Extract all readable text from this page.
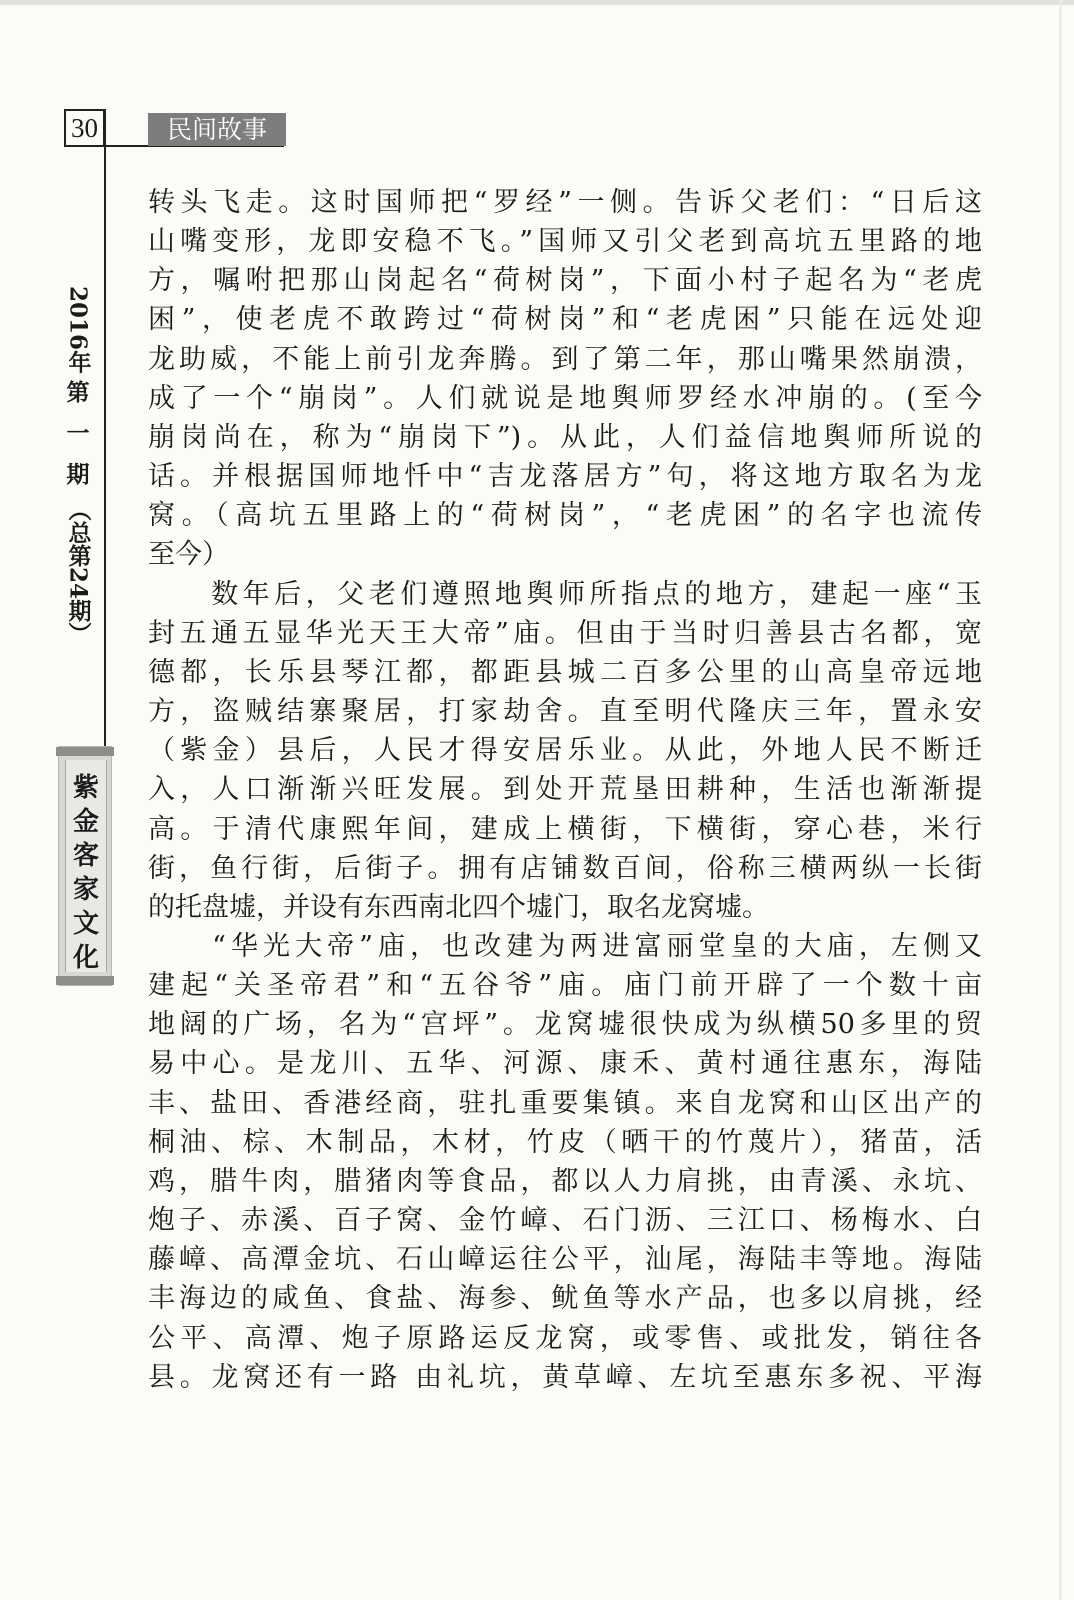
30	民间故事
2016年
第
一
期
（总第24期）
紫
金
客
家
文
化

转头飞走。这时国师把“罗经”一侧。告诉父老们：“日后这

山嘴变形，龙即安稳不飞。”国师又引父老到高坑五里路的地

方，嘱咐把那山岗起名“荷树岗”，下面小村子起名为“老虎

困”，使老虎不敢跨过“荷树岗”和“老虎困”只能在远处迎

龙助威，不能上前引龙奔腾。到了第二年，那山嘴果然崩溃，

成了一个“崩岗”。人们就说是地舆师罗经水冲崩的。(至今

崩岗尚在，称为“崩岗下”)。从此，人们益信地舆师所说的

话。并根据国师地忏中“吉龙落居方”句，将这地方取名为龙

窝。（高坑五里路上的“荷树岗”，“老虎困”的名字也流传

至今）

　　数年后，父老们遵照地舆师所指点的地方，建起一座“玉

封五通五显华光天王大帝”庙。但由于当时归善县古名都，宽

德都，长乐县琴江都，都距县城二百多公里的山高皇帝远地

方，盗贼结寨聚居，打家劫舍。直至明代隆庆三年，置永安

（紫金）县后，人民才得安居乐业。从此，外地人民不断迁

入，人口渐渐兴旺发展。到处开荒垦田耕种，生活也渐渐提

高。于清代康熙年间，建成上横街，下横街，穿心巷，米行

街，鱼行街，后街子。拥有店铺数百间，俗称三横两纵一长街

的托盘墟，并设有东西南北四个墟门，取名龙窝墟。

　　“华光大帝”庙，也改建为两进富丽堂皇的大庙，左侧又

建起“关圣帝君”和“五谷爷”庙。庙门前开辟了一个数十亩

地阔的广场，名为“宫坪”。龙窝墟很快成为纵横50多里的贸

易中心。是龙川、五华、河源、康禾、黄村通往惠东，海陆

丰、盐田、香港经商，驻扎重要集镇。来自龙窝和山区出产的

桐油、棕、木制品，木材，竹皮（晒干的竹蔑片），猪苗，活

鸡，腊牛肉，腊猪肉等食品，都以人力肩挑，由青溪、永坑、

炮子、赤溪、百子窝、金竹嶂、石门沥、三江口、杨梅水、白

藤嶂、高潭金坑、石山嶂运往公平，汕尾，海陆丰等地。海陆

丰海边的咸鱼、食盐、海参、鱿鱼等水产品，也多以肩挑，经

公平、高潭、炮子原路运反龙窝，或零售、或批发，销往各

县。龙窝还有一路 由礼坑，黄草嶂、左坑至惠东多祝、平海
